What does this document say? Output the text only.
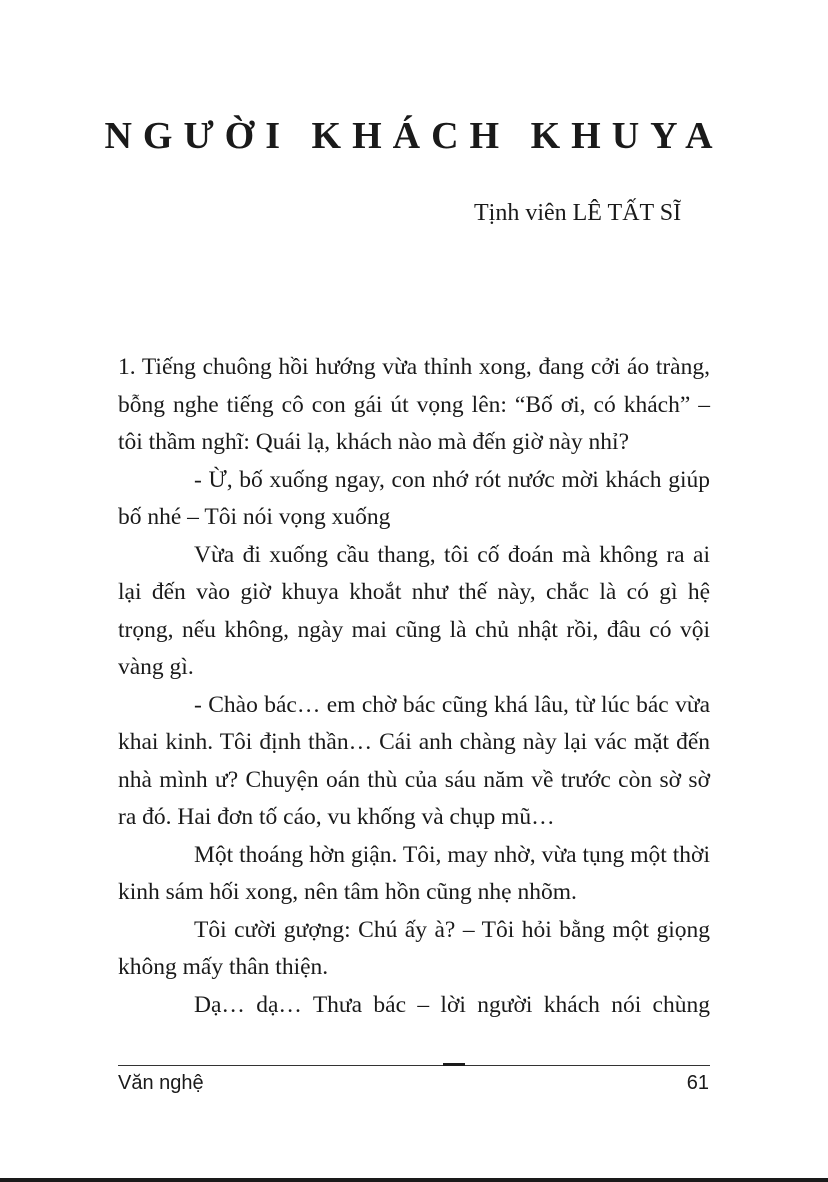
NGƯỜI KHÁCH KHUYA
Tịnh viên LÊ TẤT SĨ

1. Tiếng chuông hồi hướng vừa thỉnh xong, đang cởi áo tràng, bỗng nghe tiếng cô con gái út vọng lên: “Bố ơi, có khách” – tôi thầm nghĩ: Quái lạ, khách nào mà đến giờ này nhỉ?

- Ừ, bố xuống ngay, con nhớ rót nước mời khách giúp bố nhé – Tôi nói vọng xuống

Vừa đi xuống cầu thang, tôi cố đoán mà không ra ai lại đến vào giờ khuya khoắt như thế này, chắc là có gì hệ trọng, nếu không, ngày mai cũng là chủ nhật rồi, đâu có vội vàng gì.

- Chào bác… em chờ bác cũng khá lâu, từ lúc bác vừa khai kinh. Tôi định thần… Cái anh chàng này lại vác mặt đến nhà mình ư? Chuyện oán thù của sáu năm về trước còn sờ sờ ra đó. Hai đơn tố cáo, vu khống và chụp mũ…

Một thoáng hờn giận. Tôi, may nhờ, vừa tụng một thời kinh sám hối xong, nên tâm hồn cũng nhẹ nhõm.

Tôi cười gượng: Chú ấy à? – Tôi hỏi bằng một giọng không mấy thân thiện.

Dạ… dạ… Thưa bác – lời người khách nói chùng

Văn nghệ	61
